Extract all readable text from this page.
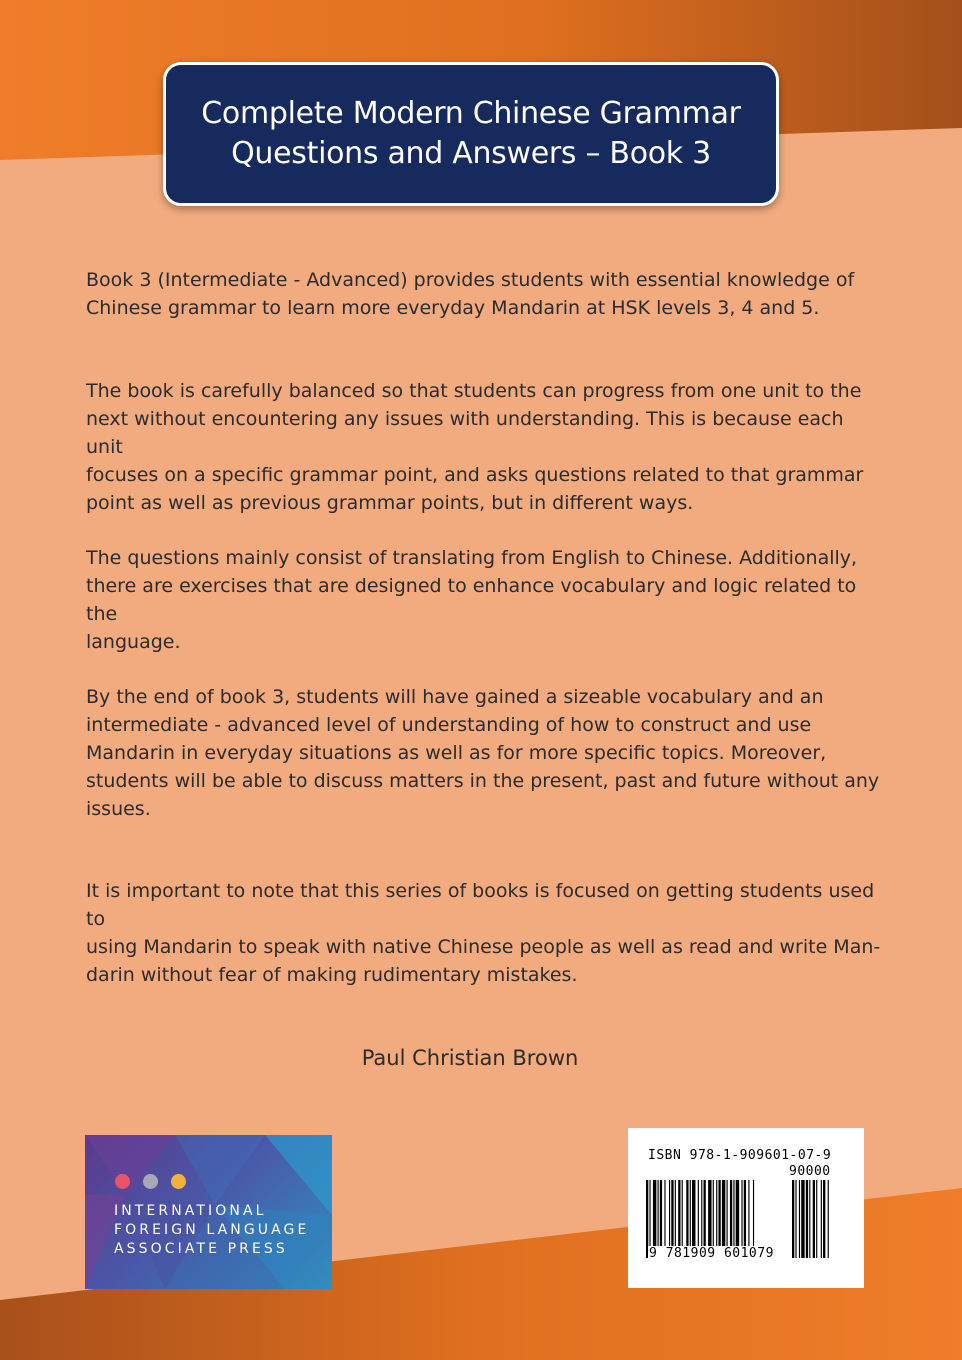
Complete Modern Chinese Grammar
Questions and Answers – Book 3

Book 3 (Intermediate - Advanced) provides students with essential knowledge of
Chinese grammar to learn more everyday Mandarin at HSK levels 3, 4 and 5.

The book is carefully balanced so that students can progress from one unit to the
next without encountering any issues with understanding. This is because each unit
focuses on a specific grammar point, and asks questions related to that grammar
point as well as previous grammar points, but in different ways.

The questions mainly consist of translating from English to Chinese. Additionally,
there are exercises that are designed to enhance vocabulary and logic related to the
language.

By the end of book 3, students will have gained a sizeable vocabulary and an
intermediate - advanced level of understanding of how to construct and use
Mandarin in everyday situations as well as for more specific topics. Moreover,
students will be able to discuss matters in the present, past and future without any
issues.

It is important to note that this series of books is focused on getting students used to
using Mandarin to speak with native Chinese people as well as read and write Man-
darin without fear of making rudimentary mistakes.

Paul Christian Brown
INTERNATIONAL
FOREIGN LANGUAGE
ASSOCIATE PRESS
ISBN 978-1-909601-07-9
90000
9 781909 601079
